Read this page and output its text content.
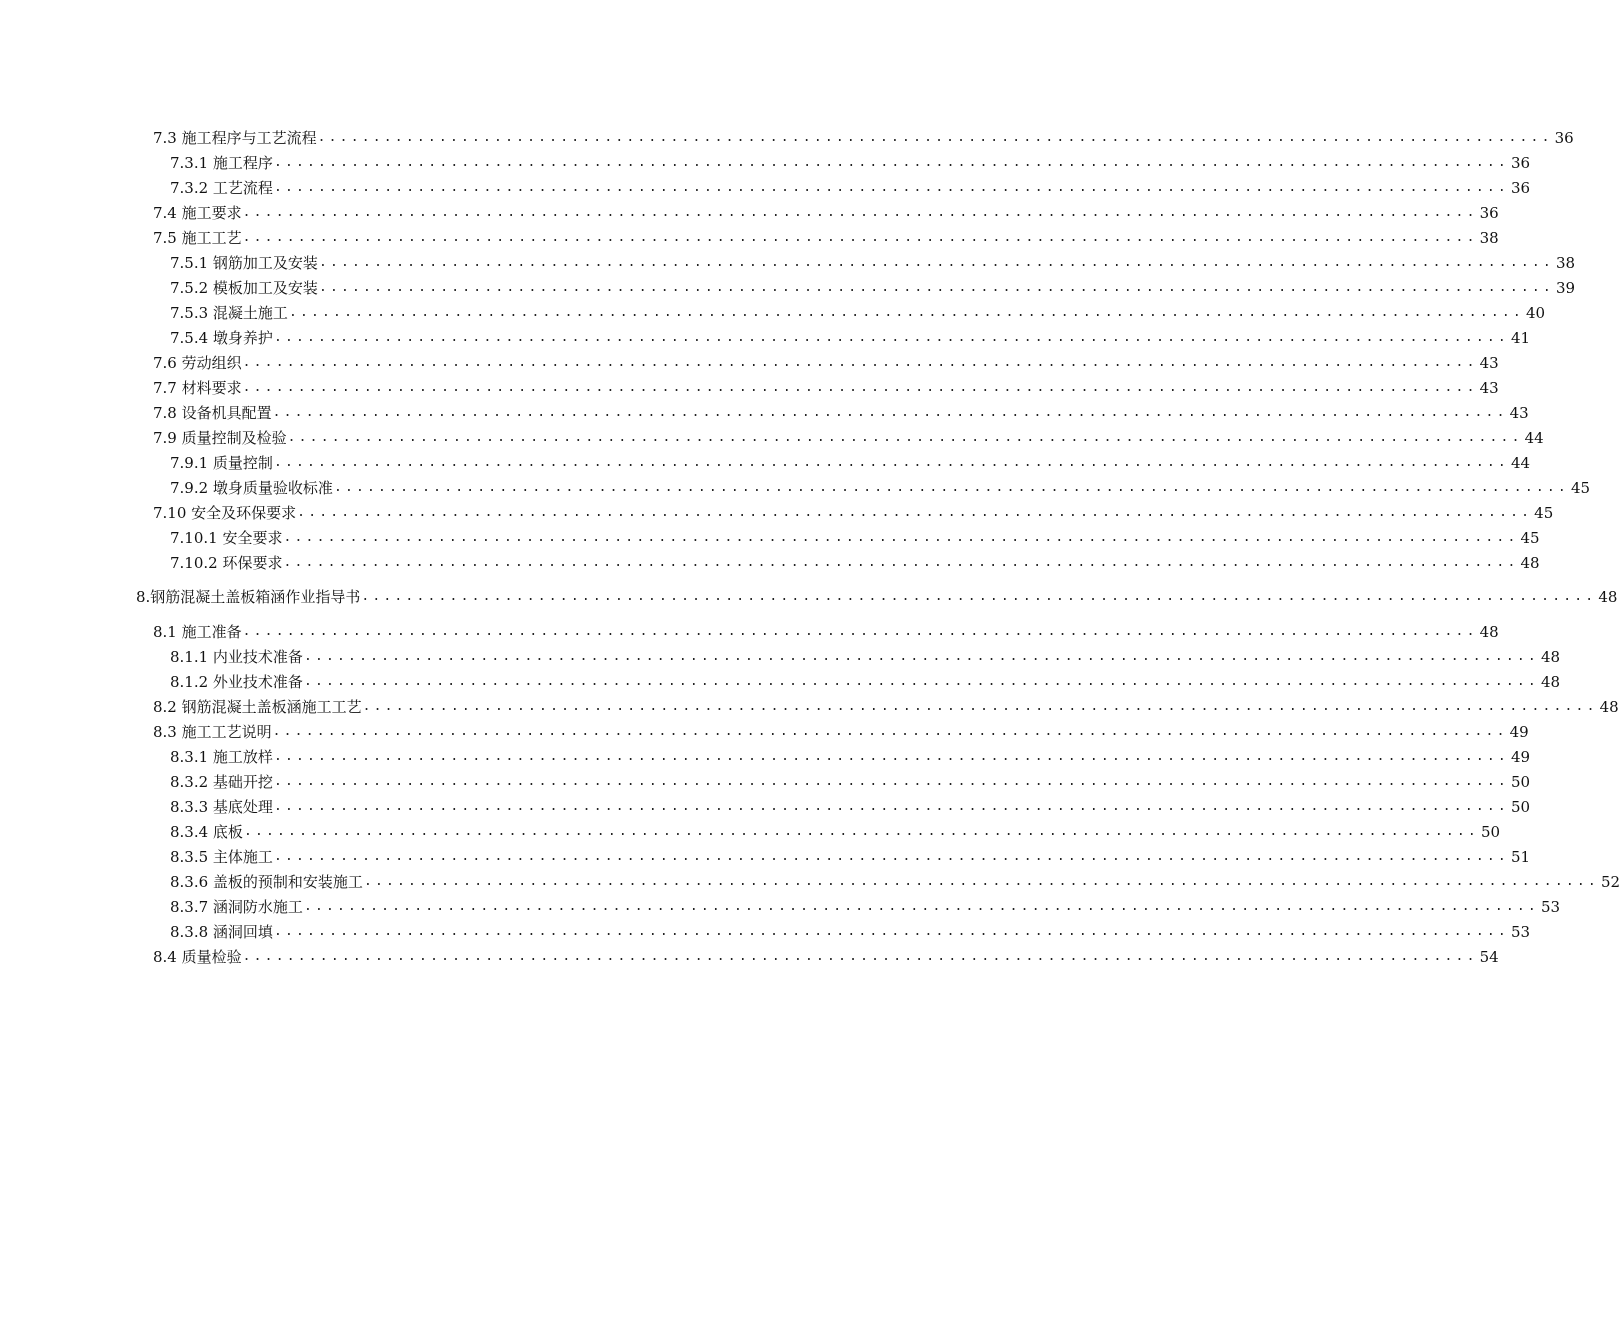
7.3 施工程序与工艺流程 ................................................................................................................ 36
7.3.1 施工程序 ................................................................................................................ 36
7.3.2 工艺流程 ................................................................................................................ 36
7.4 施工要求 ................................................................................................................ 36
7.5 施工工艺 ................................................................................................................ 38
7.5.1 钢筋加工及安装 ................................................................................................................ 38
7.5.2 模板加工及安装 ................................................................................................................ 39
7.5.3 混凝土施工 ................................................................................................................ 40
7.5.4 墩身养护 ................................................................................................................ 41
7.6 劳动组织 ................................................................................................................ 43
7.7 材料要求 ................................................................................................................ 43
7.8 设备机具配置 ................................................................................................................ 43
7.9 质量控制及检验 ................................................................................................................ 44
7.9.1 质量控制 ................................................................................................................ 44
7.9.2 墩身质量验收标准 ................................................................................................................ 45
7.10 安全及环保要求 ................................................................................................................ 45
7.10.1 安全要求 ................................................................................................................ 45
7.10.2 环保要求 ................................................................................................................ 48
8.钢筋混凝土盖板箱涵作业指导书 ................................................................................................................ 48
8.1 施工准备 ................................................................................................................ 48
8.1.1 内业技术准备 ................................................................................................................ 48
8.1.2 外业技术准备 ................................................................................................................ 48
8.2 钢筋混凝土盖板涵施工工艺 ................................................................................................................ 48
8.3 施工工艺说明 ................................................................................................................ 49
8.3.1 施工放样 ................................................................................................................ 49
8.3.2 基础开挖 ................................................................................................................ 50
8.3.3 基底处理 ................................................................................................................ 50
8.3.4 底板 ................................................................................................................ 50
8.3.5 主体施工 ................................................................................................................ 51
8.3.6 盖板的预制和安装施工 ................................................................................................................ 52
8.3.7 涵洞防水施工 ................................................................................................................ 53
8.3.8 涵洞回填 ................................................................................................................ 53
8.4 质量检验 ................................................................................................................ 54
